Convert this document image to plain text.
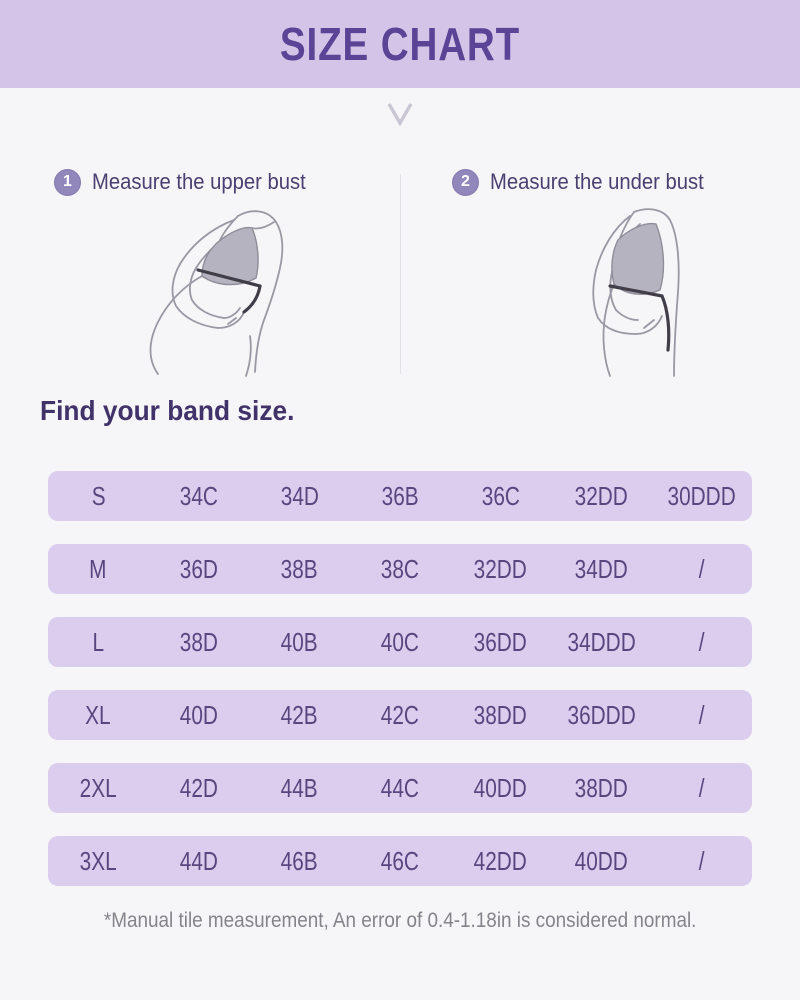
SIZE CHART
1 Measure the upper bust	2 Measure the under bust
Find your band size.
S	34C 34D 36B 36C 32DD 30DDD
M	36D 38B 38C 32DD 34DD	/
L	38D 40B 40C 36DD 34DDD /
XL	40D 42B 42C 38DD 36DDD /
2XL 42D 44B 44C 40DD 38DD	/
3XL 44D 46B 46C 42DD 40DD	/

*Manual tile measurement, An error of 0.4-1.18in is considered normal.
